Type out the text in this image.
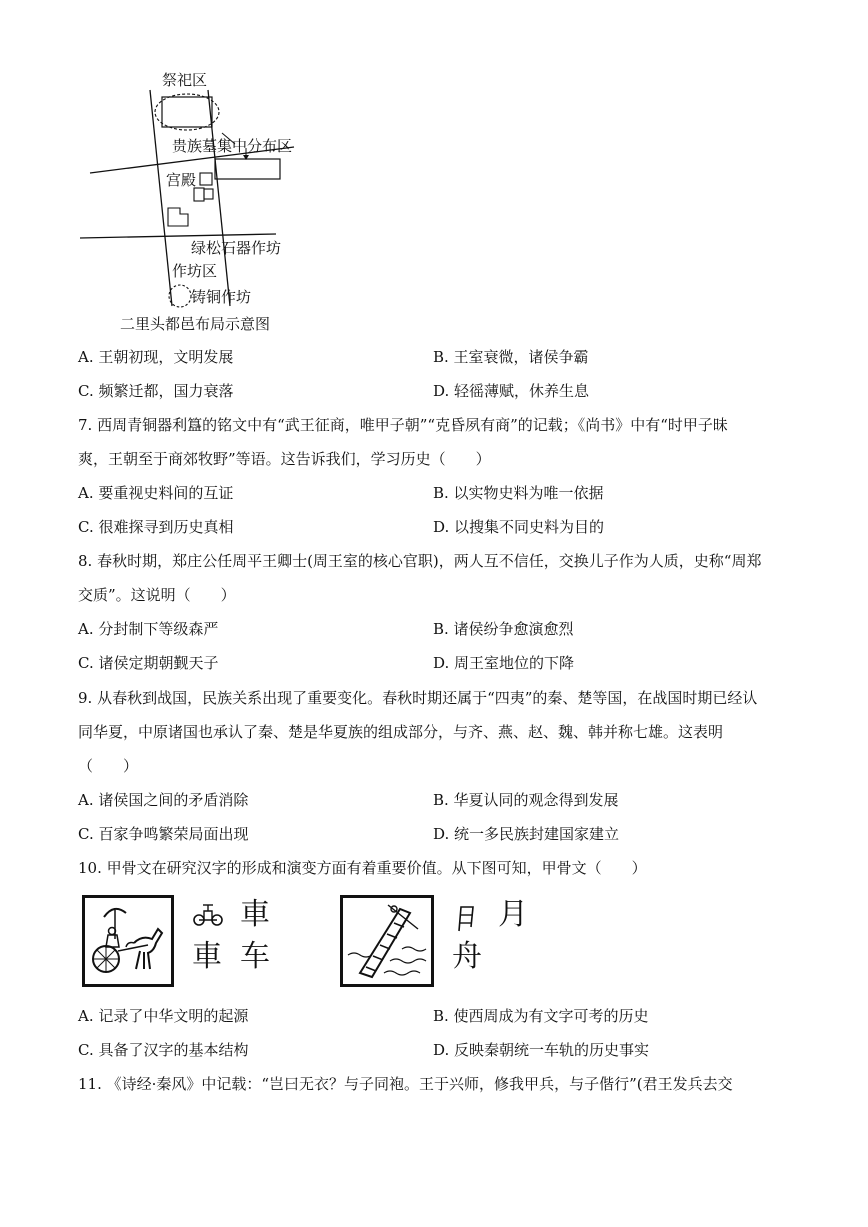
祭祀区
贵族墓集中分布区
宫殿
绿松石器作坊
作坊区
铸铜作坊
二里头都邑布局示意图
A. 王朝初现，文明发展	B. 王室衰微，诸侯争霸
C. 频繁迁都，国力衰落	D. 轻徭薄赋，休养生息
7. 西周青铜器利簋的铭文中有“武王征商，唯甲子朝”“克昏夙有商”的记载；《尚书》中有“时甲子昧
爽，王朝至于商郊牧野”等语。这告诉我们，学习历史（　　）
A. 要重视史料间的互证	B. 以实物史料为唯一依据
C. 很难探寻到历史真相	D. 以搜集不同史料为目的
8. 春秋时期，郑庄公任周平王卿士(周王室的核心官职)，两人互不信任，交换儿子作为人质，史称“周郑
交质”。这说明（　　）
A. 分封制下等级森严	B. 诸侯纷争愈演愈烈
C. 诸侯定期朝觐天子	D. 周王室地位的下降
9. 从春秋到战国，民族关系出现了重要变化。春秋时期还属于“四夷”的秦、楚等国，在战国时期已经认
同华夏，中原诸国也承认了秦、楚是华夏族的组成部分，与齐、燕、赵、魏、韩并称七雄。这表明
（　　）
A. 诸侯国之间的矛盾消除	B. 华夏认同的观念得到发展
C. 百家争鸣繁荣局面出现	D. 统一多民族封建国家建立
10. 甲骨文在研究汉字的形成和演变方面有着重要价值。从下图可知，甲骨文（　　）
車
車 车
月
舟
A. 记录了中华文明的起源	B. 使西周成为有文字可考的历史
C. 具备了汉字的基本结构	D. 反映秦朝统一车轨的历史事实
11. 《诗经·秦风》中记载：“岂曰无衣？与子同袍。王于兴师，修我甲兵，与子偕行”(君王发兵去交
